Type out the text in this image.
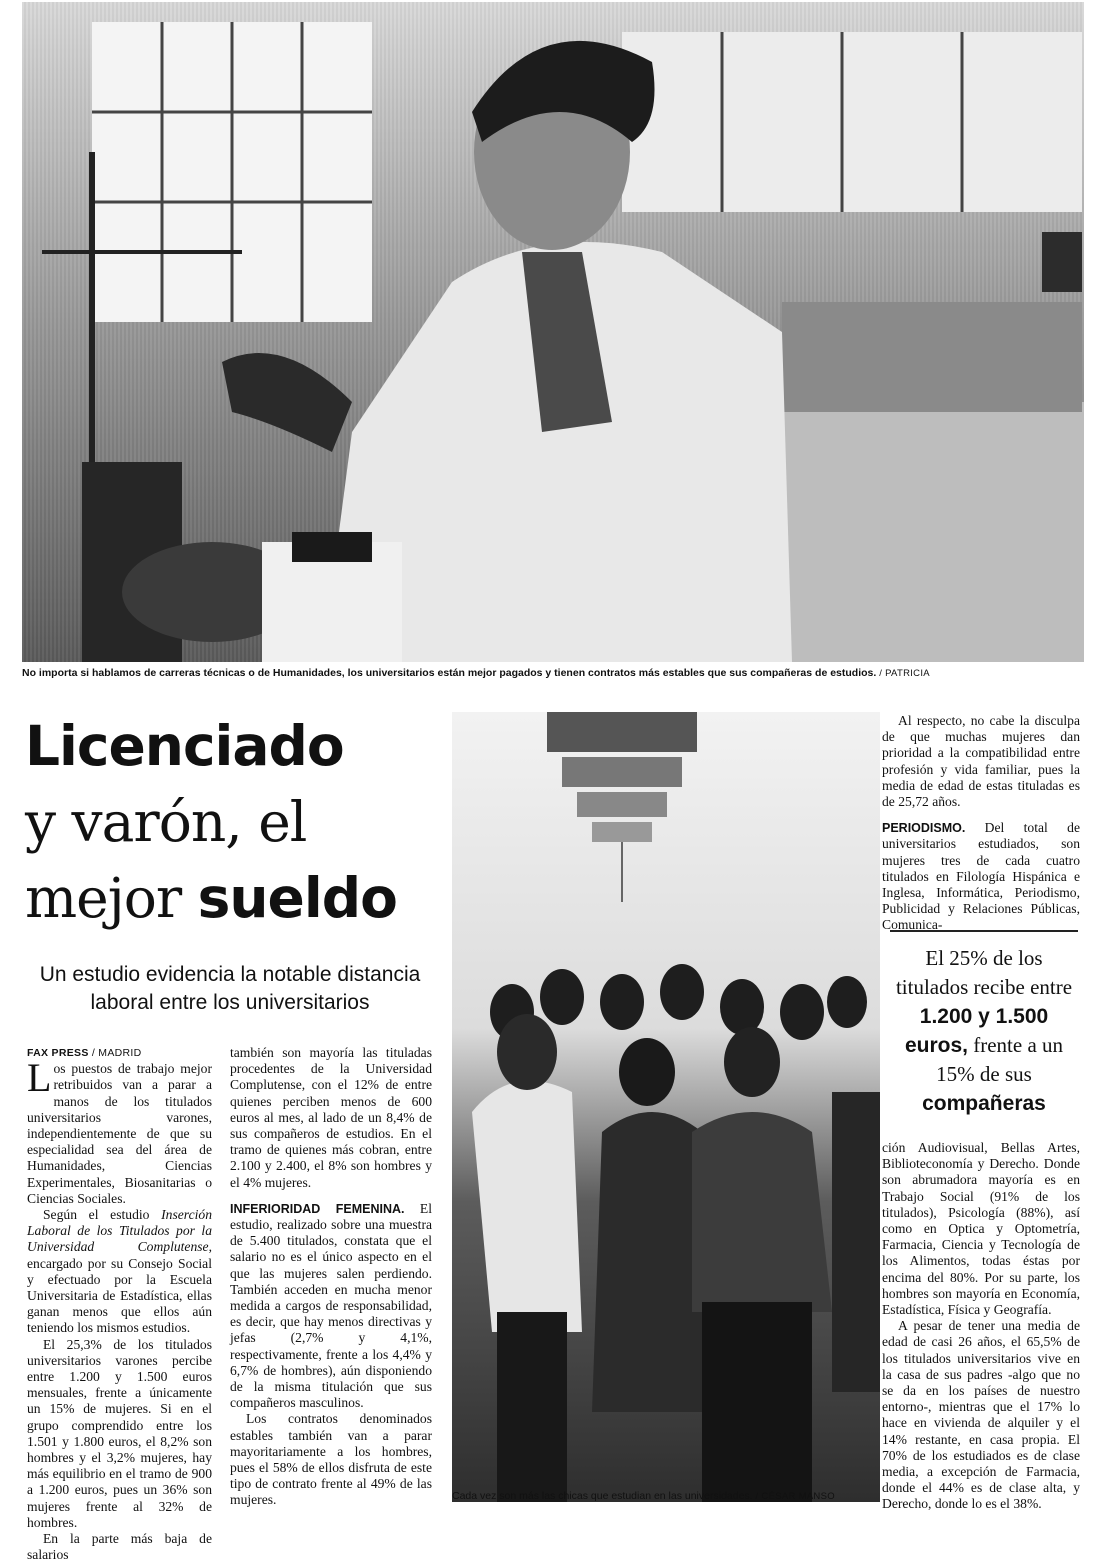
No importa si hablamos de carreras técnicas o de Humanidades, los universitarios están mejor pagados y tienen contratos más estables que sus compañeras de estudios. / PATRICIA
Licenciado
y varón, el
mejor sueldo
Un estudio evidencia la notable distancia laboral entre los universitarios
FAX PRESS / MADRID

Los puestos de trabajo mejor retribuidos van a parar a manos de los titulados universitarios varones, independientemente de que su especialidad sea del área de Humanidades, Ciencias Experimentales, Biosanitarias o Ciencias Sociales.

Según el estudio Inserción Laboral de los Titulados por la Universidad Complutense, encargado por su Consejo Social y efectuado por la Escuela Universitaria de Estadística, ellas ganan menos que ellos aún teniendo los mismos estudios.

El 25,3% de los titulados universitarios varones percibe entre 1.200 y 1.500 euros mensuales, frente a únicamente un 15% de mujeres. Si en el grupo comprendido entre los 1.501 y 1.800 euros, el 8,2% son hombres y el 3,2% mujeres, hay más equilibrio en el tramo de 900 a 1.200 euros, pues un 36% son mujeres frente al 32% de hombres.

En la parte más baja de salarios

también son mayoría las tituladas procedentes de la Universidad Complutense, con el 12% de entre quienes perciben menos de 600 euros al mes, al lado de un 8,4% de sus compañeros de estudios. En el tramo de quienes más cobran, entre 2.100 y 2.400, el 8% son hombres y el 4% mujeres.

INFERIORIDAD FEMENINA. El estudio, realizado sobre una muestra de 5.400 titulados, constata que el salario no es el único aspecto en el que las mujeres salen perdiendo. También acceden en mucha menor medida a cargos de responsabilidad, es decir, que hay menos directivas y jefas (2,7% y 4,1%, respectivamente, frente a los 4,4% y 6,7% de hombres), aún disponiendo de la misma titulación que sus compañeros masculinos.

Los contratos denominados estables también van a parar mayoritariamente a los hombres, pues el 58% de ellos disfruta de este tipo de contrato frente al 49% de las mujeres.	Cada vez son más las chicas que estudian en las universidades. / CÉSAR MANSO

Al respecto, no cabe la disculpa de que muchas mujeres dan prioridad a la compatibilidad entre profesión y vida familiar, pues la media de edad de estas tituladas es de 25,72 años.

PERIODISMO. Del total de universitarios estudiados, son mujeres tres de cada cuatro titulados en Filología Hispánica e Inglesa, Informática, Periodismo, Publicidad y Relaciones Públicas, Comunica-

El 25% de los titulados recibe entre 1.200 y 1.500 euros, frente a un 15% de sus compañeras

ción Audiovisual, Bellas Artes, Biblioteconomía y Derecho. Donde son abrumadora mayoría es en Trabajo Social (91% de los titulados), Psicología (88%), así como en Optica y Optometría, Farmacia, Ciencia y Tecnología de los Alimentos, todas éstas por encima del 80%. Por su parte, los hombres son mayoría en Economía, Estadística, Física y Geografía.

A pesar de tener una media de edad de casi 26 años, el 65,5% de los titulados universitarios vive en la casa de sus padres -algo que no se da en los países de nuestro entorno-, mientras que el 17% lo hace en vivienda de alquiler y el 14% restante, en casa propia. El 70% de los estudiados es de clase media, a excepción de Farmacia, donde el 44% es de clase alta, y Derecho, donde lo es el 38%.
